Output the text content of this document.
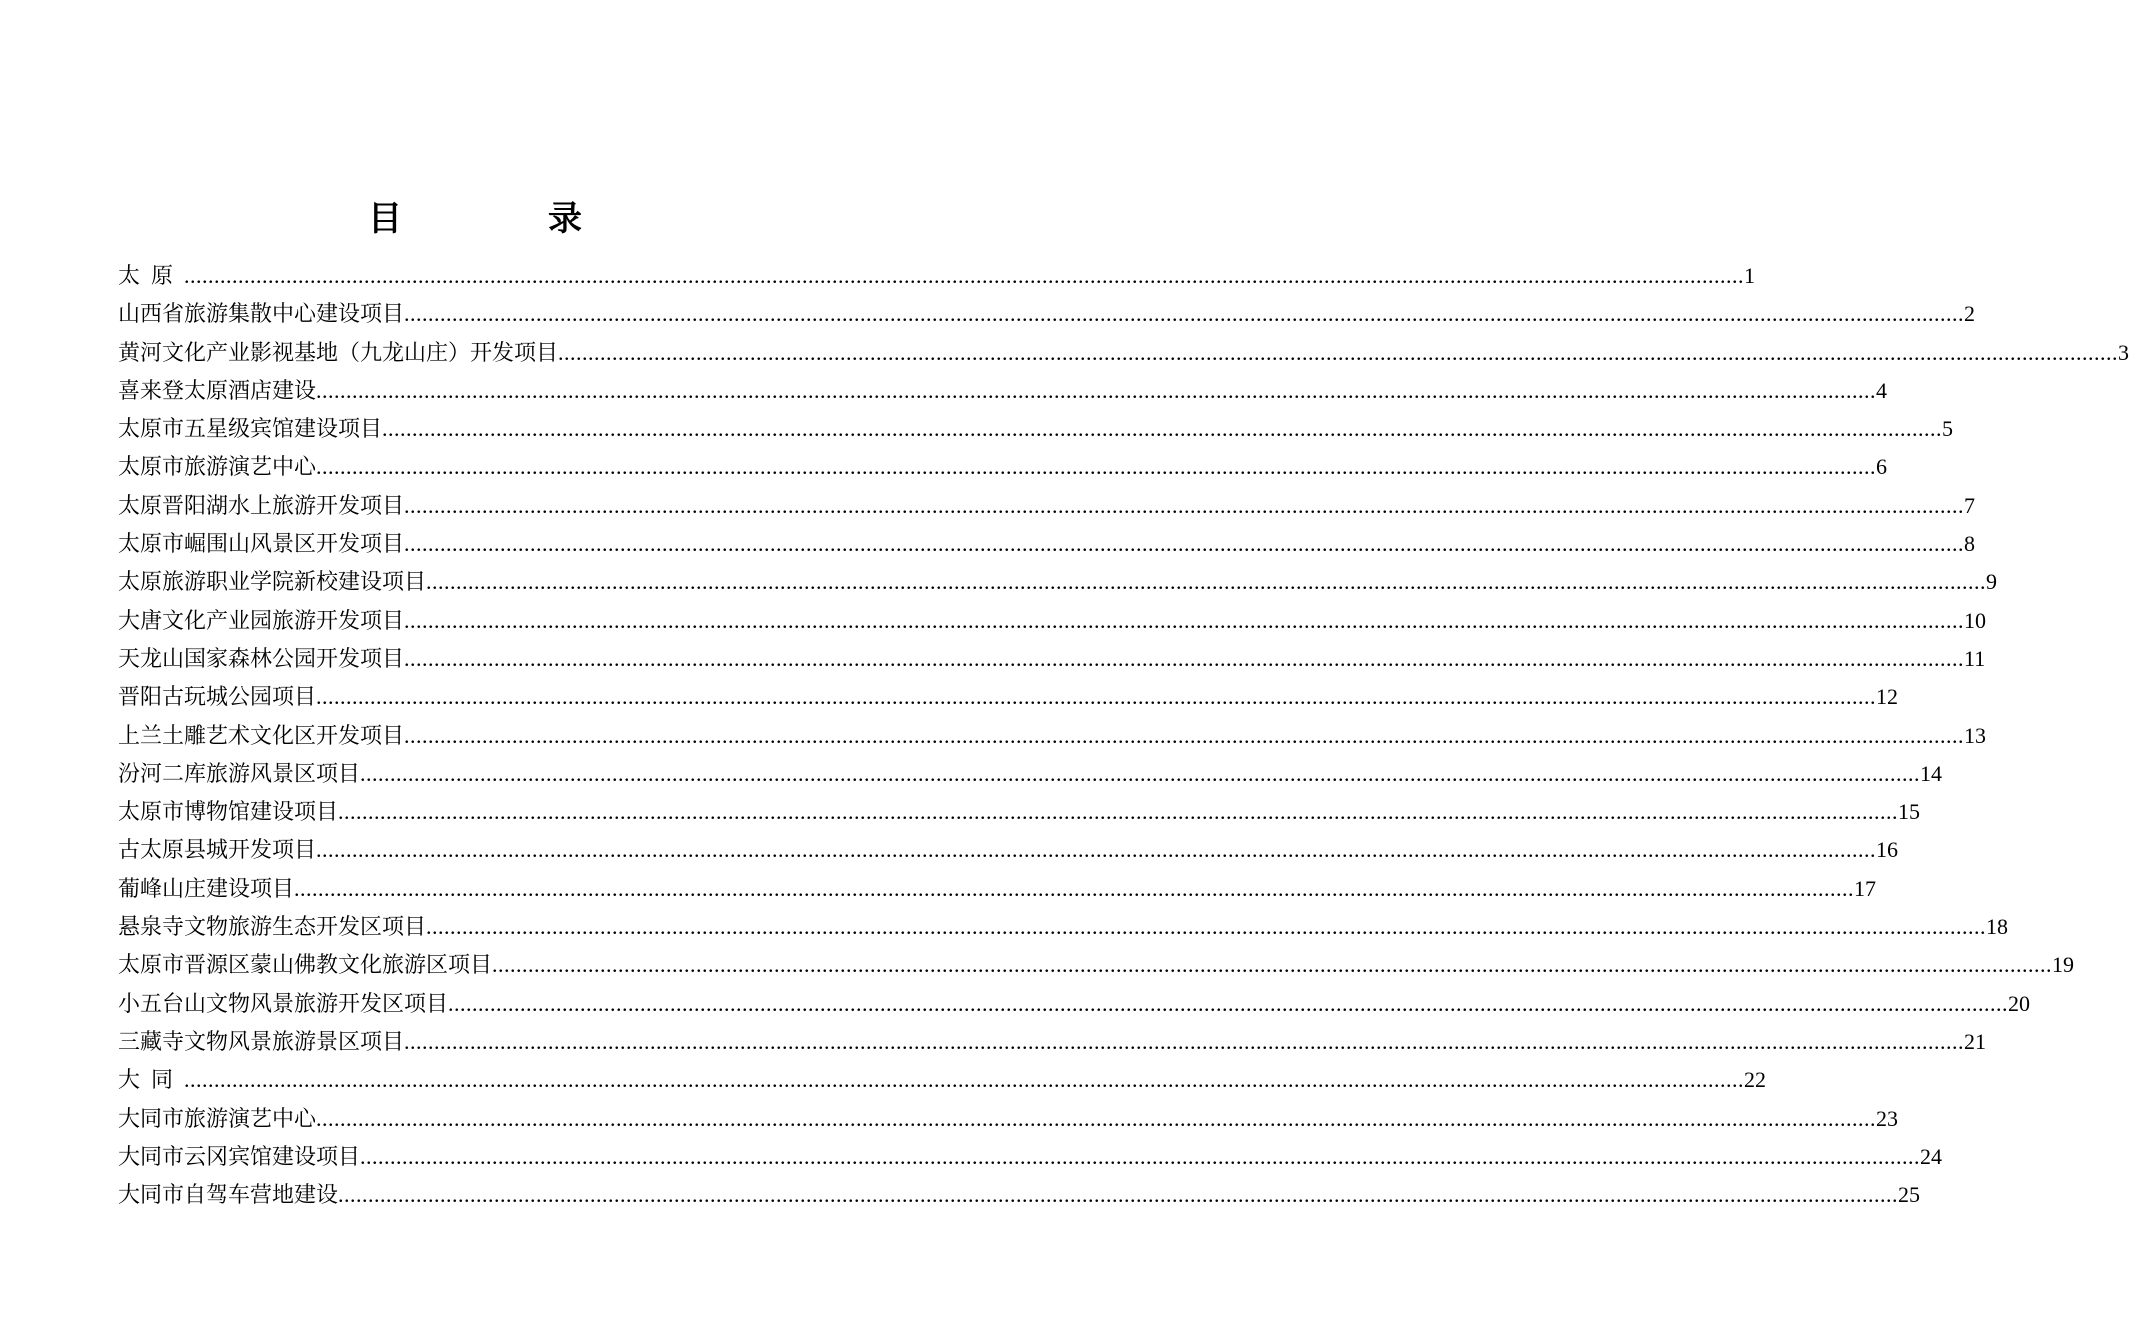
目　录
太原 .................................................................................................................................................................................................................................................................... 1
山西省旅游集散中心建设项目 .................................................................................................................................................................................................................................................................... 2
黄河文化产业影视基地（九龙山庄）开发项目 .................................................................................................................................................................................................................................................................... 3
喜来登太原酒店建设 .................................................................................................................................................................................................................................................................... 4
太原市五星级宾馆建设项目 .................................................................................................................................................................................................................................................................... 5
太原市旅游演艺中心 .................................................................................................................................................................................................................................................................... 6
太原晋阳湖水上旅游开发项目 .................................................................................................................................................................................................................................................................... 7
太原市崛围山风景区开发项目 .................................................................................................................................................................................................................................................................... 8
太原旅游职业学院新校建设项目 .................................................................................................................................................................................................................................................................... 9
大唐文化产业园旅游开发项目 .................................................................................................................................................................................................................................................................... 10
天龙山国家森林公园开发项目 .................................................................................................................................................................................................................................................................... 11
晋阳古玩城公园项目 .................................................................................................................................................................................................................................................................... 12
上兰土雕艺术文化区开发项目 .................................................................................................................................................................................................................................................................... 13
汾河二库旅游风景区项目 .................................................................................................................................................................................................................................................................... 14
太原市博物馆建设项目 .................................................................................................................................................................................................................................................................... 15
古太原县城开发项目 .................................................................................................................................................................................................................................................................... 16
葡峰山庄建设项目 .................................................................................................................................................................................................................................................................... 17
悬泉寺文物旅游生态开发区项目 .................................................................................................................................................................................................................................................................... 18
太原市晋源区蒙山佛教文化旅游区项目 .................................................................................................................................................................................................................................................................... 19
小五台山文物风景旅游开发区项目 .................................................................................................................................................................................................................................................................... 20
三藏寺文物风景旅游景区项目 .................................................................................................................................................................................................................................................................... 21
大同 .................................................................................................................................................................................................................................................................... 22
大同市旅游演艺中心 .................................................................................................................................................................................................................................................................... 23
大同市云冈宾馆建设项目 .................................................................................................................................................................................................................................................................... 24
大同市自驾车营地建设 .................................................................................................................................................................................................................................................................... 25
